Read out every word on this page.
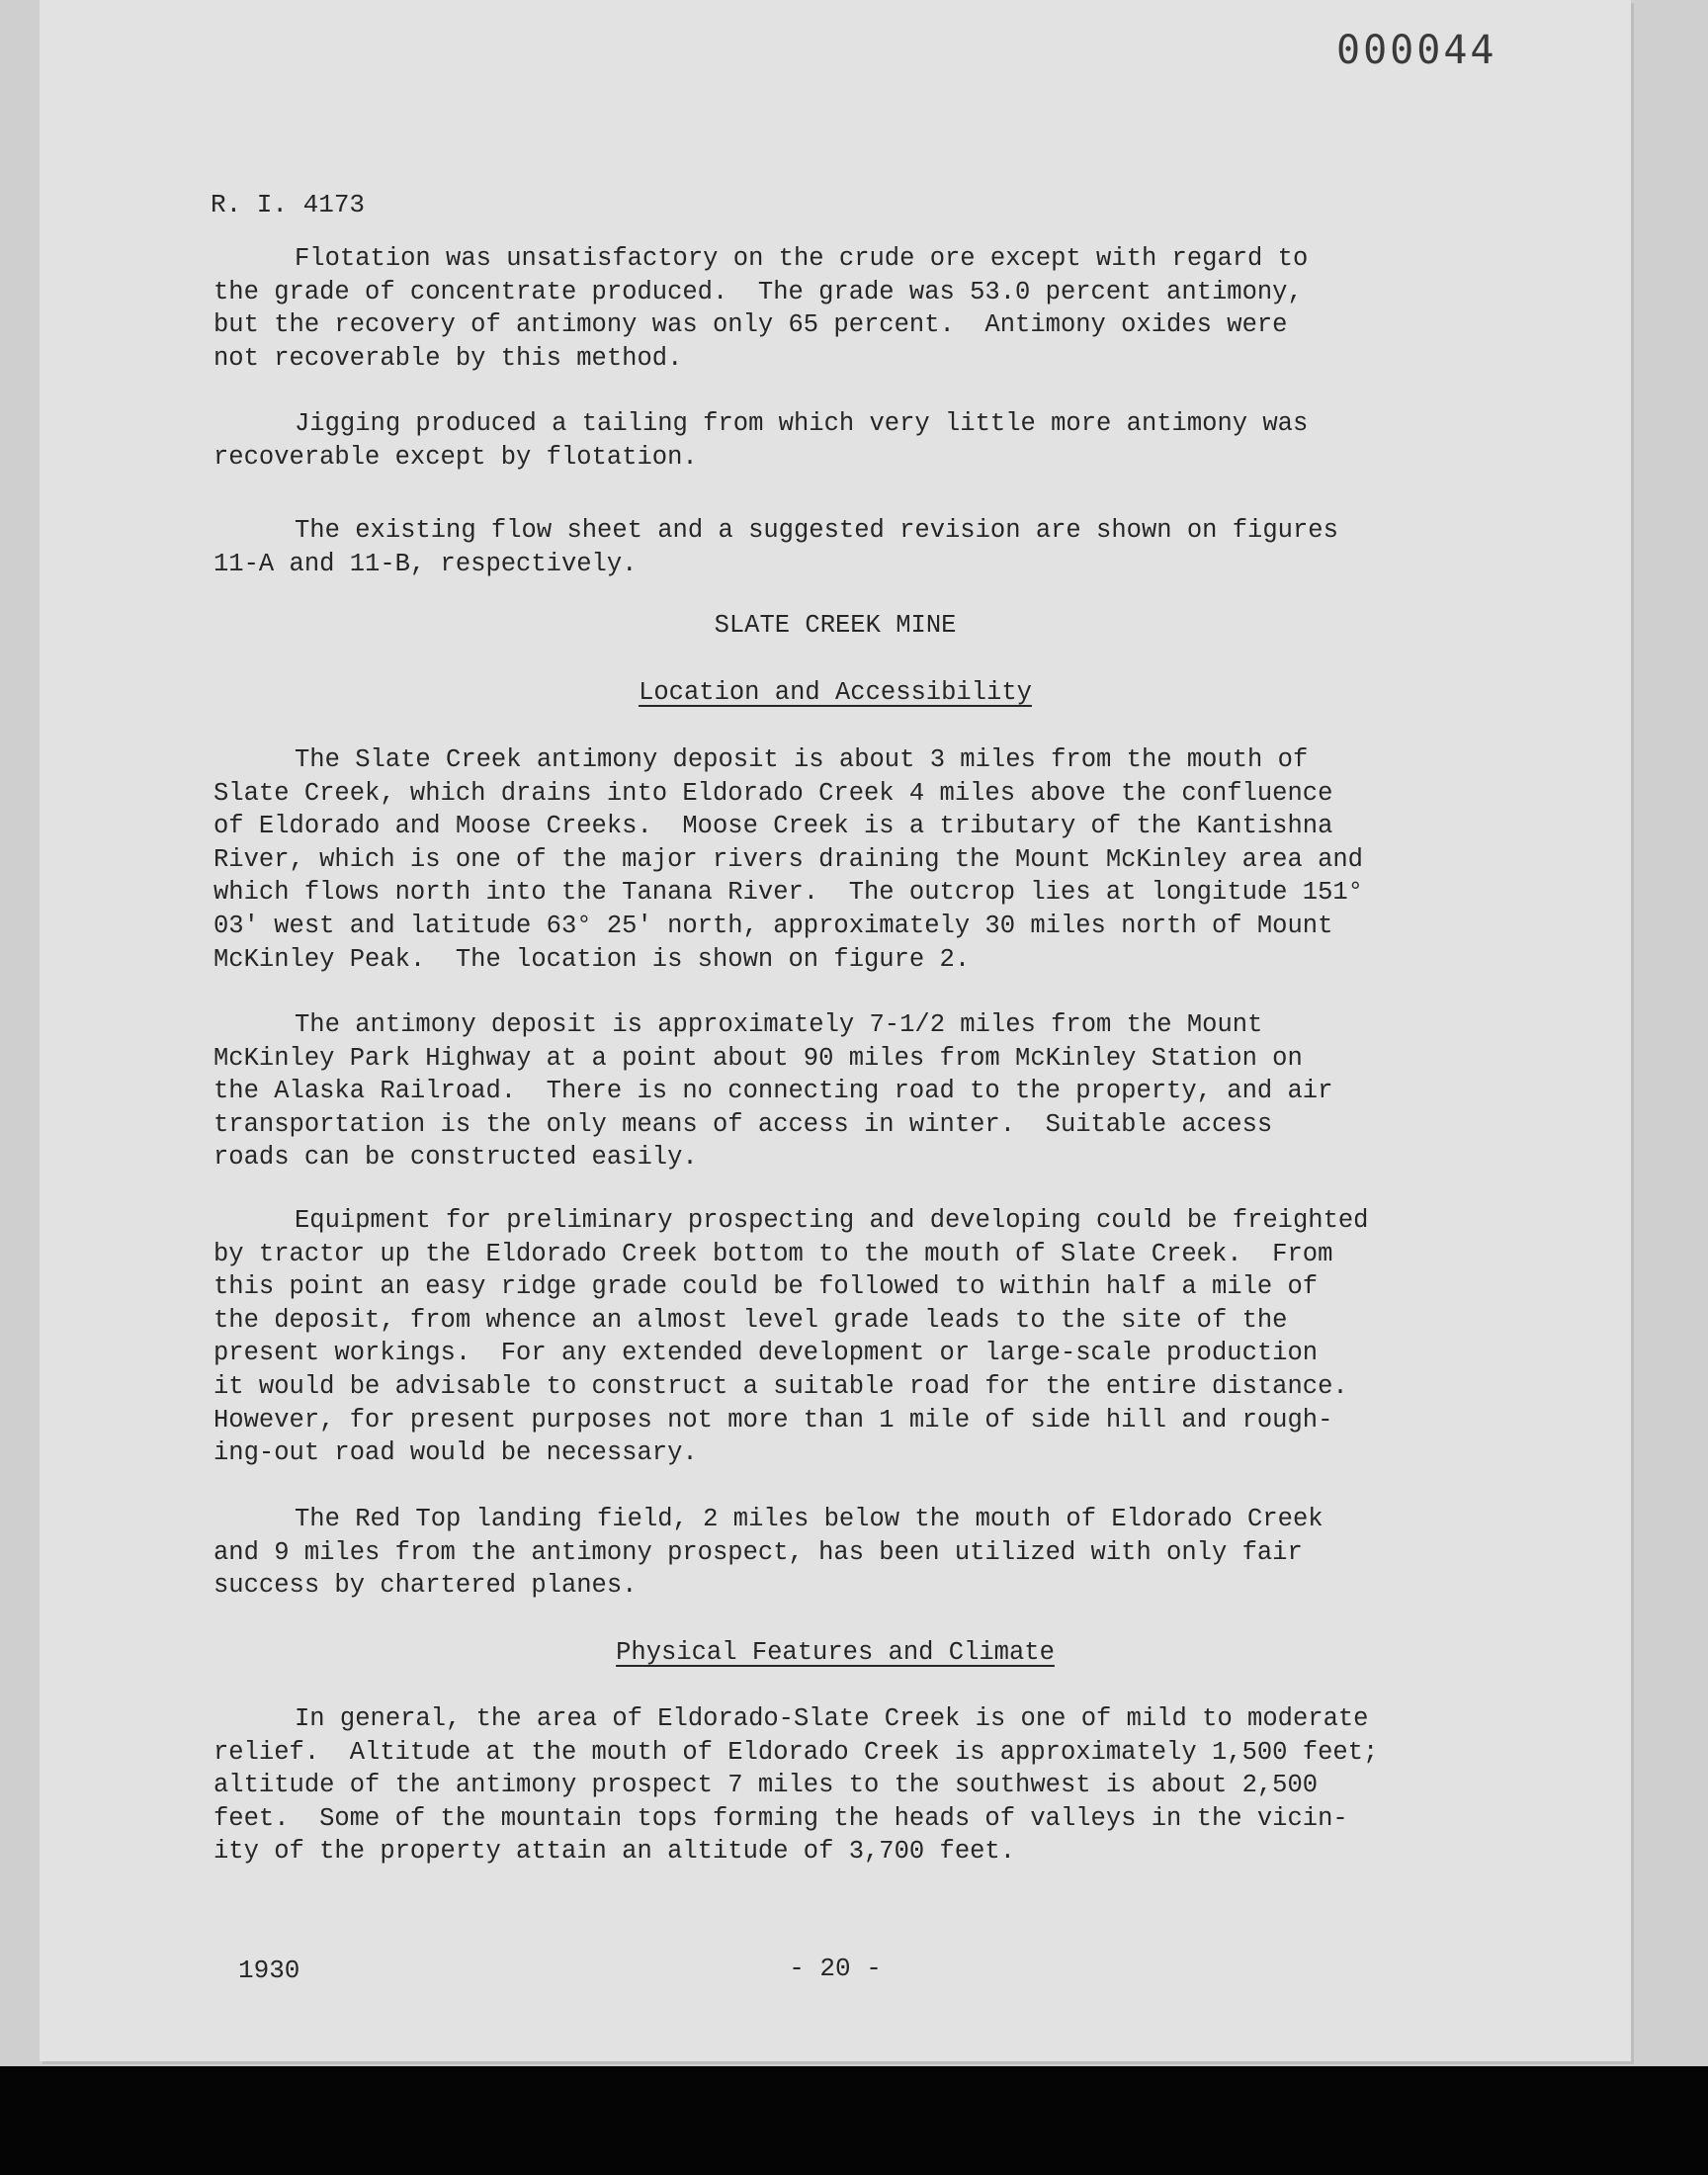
000044
R. I. 4173

Flotation was unsatisfactory on the crude ore except with regard to
the grade of concentrate produced.  The grade was 53.0 percent antimony,
but the recovery of antimony was only 65 percent.  Antimony oxides were
not recoverable by this method.

Jigging produced a tailing from which very little more antimony was
recoverable except by flotation.

The existing flow sheet and a suggested revision are shown on figures
11-A and 11-B, respectively.

SLATE CREEK MINE
Location and Accessibility

The Slate Creek antimony deposit is about 3 miles from the mouth of
Slate Creek, which drains into Eldorado Creek 4 miles above the confluence
of Eldorado and Moose Creeks.  Moose Creek is a tributary of the Kantishna
River, which is one of the major rivers draining the Mount McKinley area and
which flows north into the Tanana River.  The outcrop lies at longitude 151°
03' west and latitude 63° 25' north, approximately 30 miles north of Mount
McKinley Peak.  The location is shown on figure 2.

The antimony deposit is approximately 7-1/2 miles from the Mount
McKinley Park Highway at a point about 90 miles from McKinley Station on
the Alaska Railroad.  There is no connecting road to the property, and air
transportation is the only means of access in winter.  Suitable access
roads can be constructed easily.

Equipment for preliminary prospecting and developing could be freighted
by tractor up the Eldorado Creek bottom to the mouth of Slate Creek.  From
this point an easy ridge grade could be followed to within half a mile of
the deposit, from whence an almost level grade leads to the site of the
present workings.  For any extended development or large-scale production
it would be advisable to construct a suitable road for the entire distance.
However, for present purposes not more than 1 mile of side hill and rough-
ing-out road would be necessary.

The Red Top landing field, 2 miles below the mouth of Eldorado Creek
and 9 miles from the antimony prospect, has been utilized with only fair
success by chartered planes.

Physical Features and Climate

In general, the area of Eldorado-Slate Creek is one of mild to moderate
relief.  Altitude at the mouth of Eldorado Creek is approximately 1,500 feet;
altitude of the antimony prospect 7 miles to the southwest is about 2,500
feet.  Some of the mountain tops forming the heads of valleys in the vicin-
ity of the property attain an altitude of 3,700 feet.

1930	- 20 -
